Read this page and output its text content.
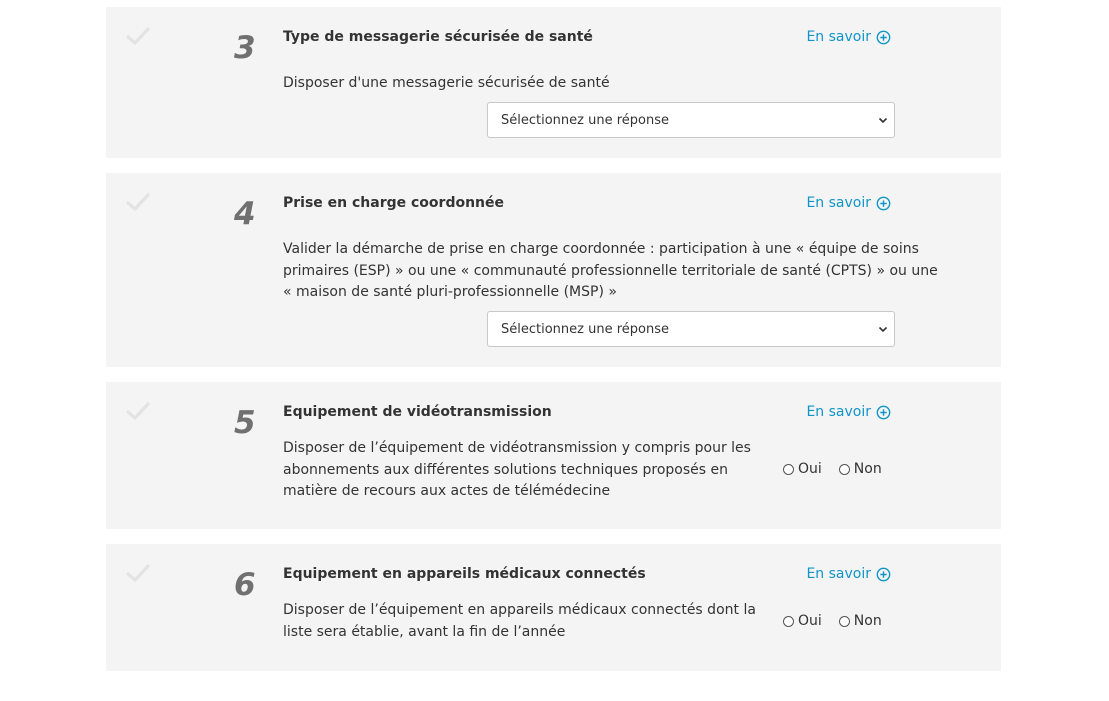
3 Type de messagerie sécurisée de santé	En savoir
Disposer d'une messagerie sécurisée de santé
Sélectionnez une réponse
4 Prise en charge coordonnée	En savoir
Valider la démarche de prise en charge coordonnée : participation à une « équipe de soins
primaires (ESP) » ou une « communauté professionnelle territoriale de santé (CPTS) » ou une
« maison de santé pluri-professionnelle (MSP) »
Sélectionnez une réponse
5 Equipement de vidéotransmission	En savoir
Disposer de l’équipement de vidéotransmission y compris pour les
abonnements aux différentes solutions techniques proposés en
matière de recours aux actes de télémédecine
Oui Non
6 Equipement en appareils médicaux connectés	En savoir
Disposer de l’équipement en appareils médicaux connectés dont la
liste sera établie, avant la fin de l’année
Oui Non
